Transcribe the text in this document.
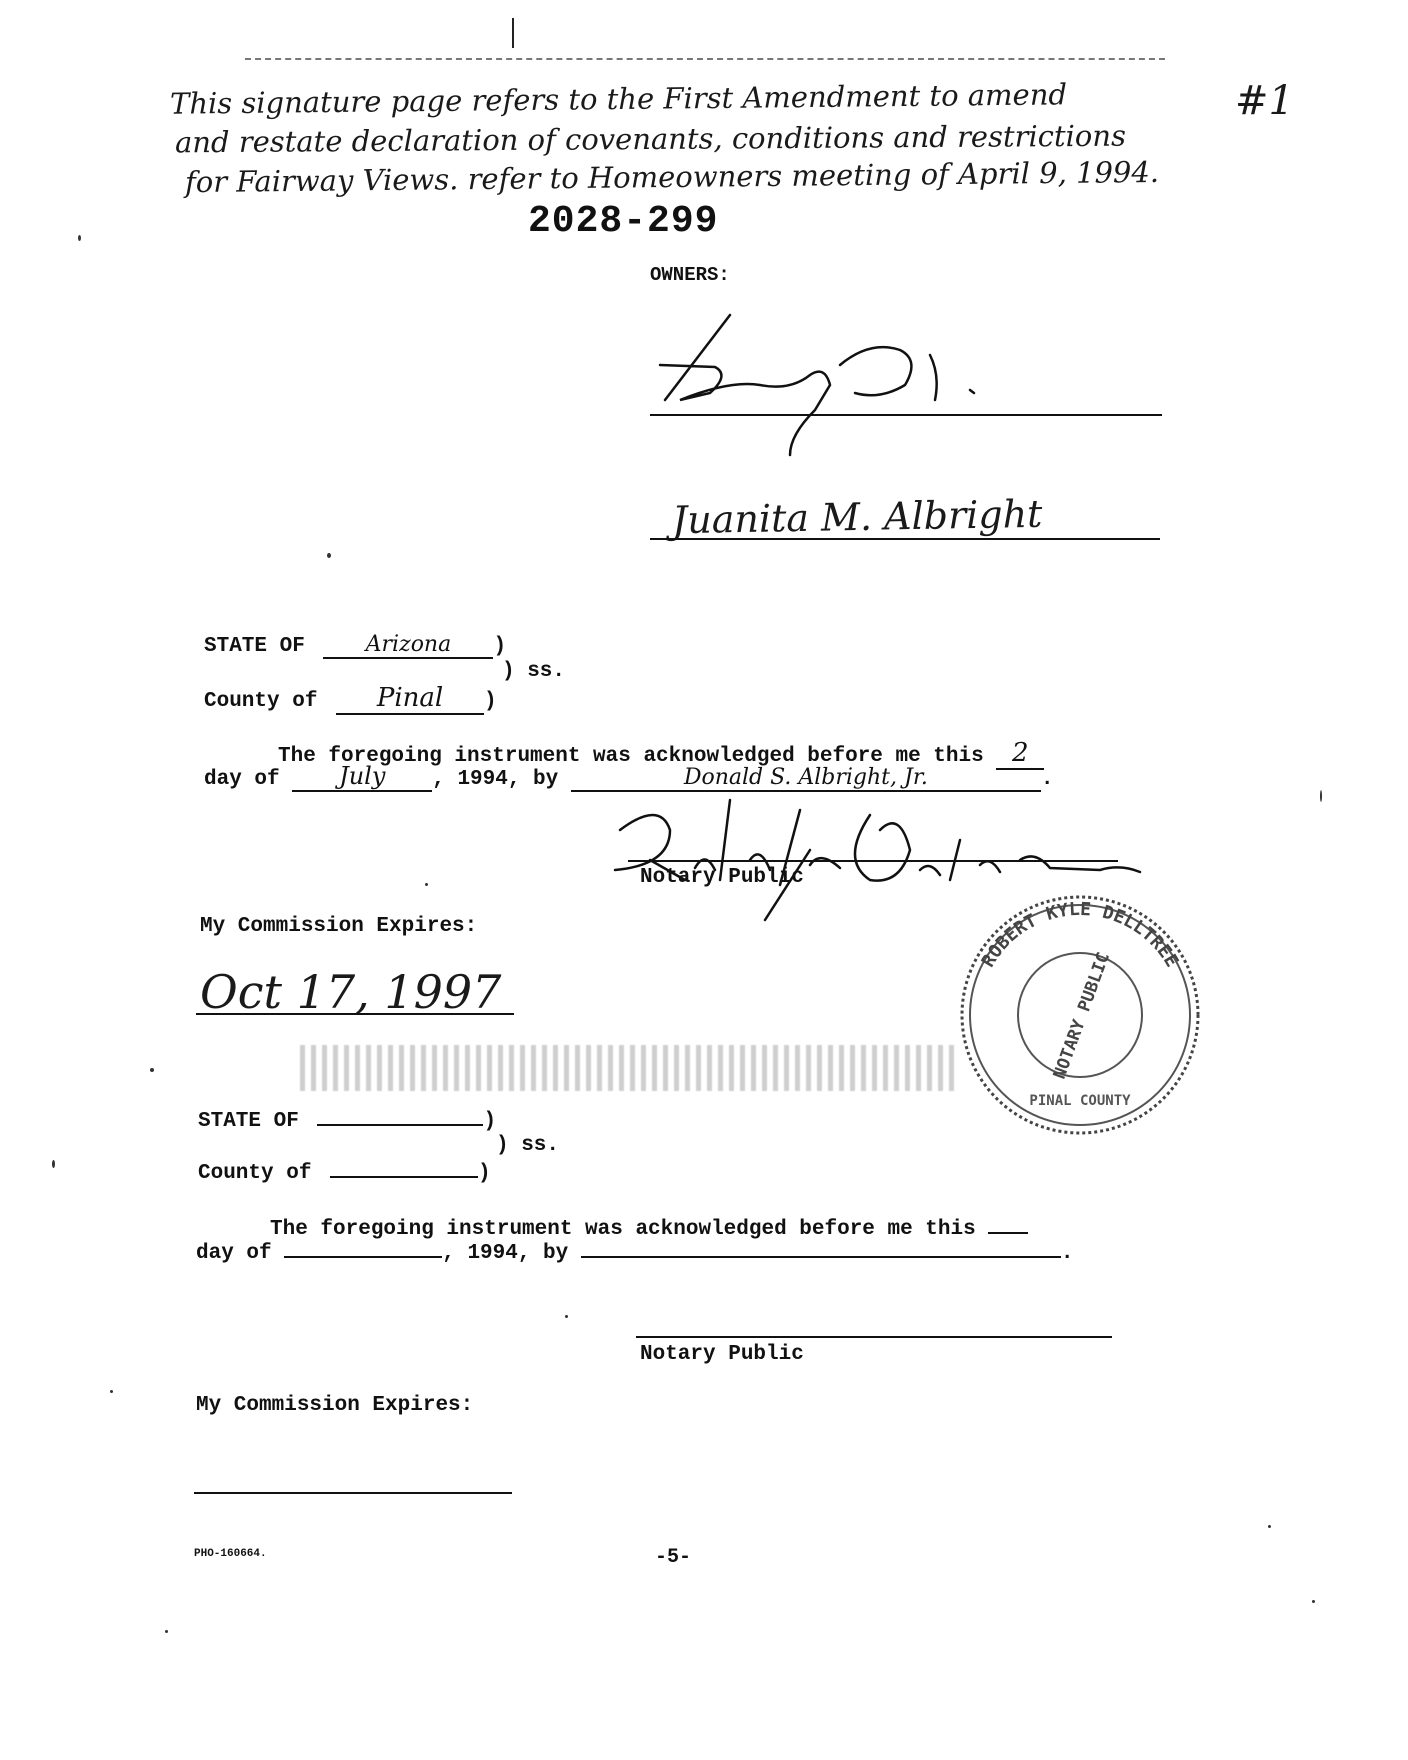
This signature page refers to the First Amendment to amend
and restate declaration of covenants, conditions and restrictions
for Fairway Views. refer to Homeowners meeting of April 9, 1994.
#1
2028-299
OWNERS:
Juanita M. Albright
STATE OF	Arizona )
) ss.
County of Pinal )
The foregoing instrument was acknowledged before me this 2
day of July , 1994, by	Donald S. Albright, Jr.	.
Notary Public
My Commission Expires:
Oct 17, 1997
ROBERT KYLE DELLTREE
NOTARY PUBLIC
PINAL COUNTY
STATE OF	)
) ss.
County of	)
The foregoing instrument was acknowledged before me this
day of	, 1994, by	.
Notary Public
My Commission Expires:
PHO-160664.	-5-
